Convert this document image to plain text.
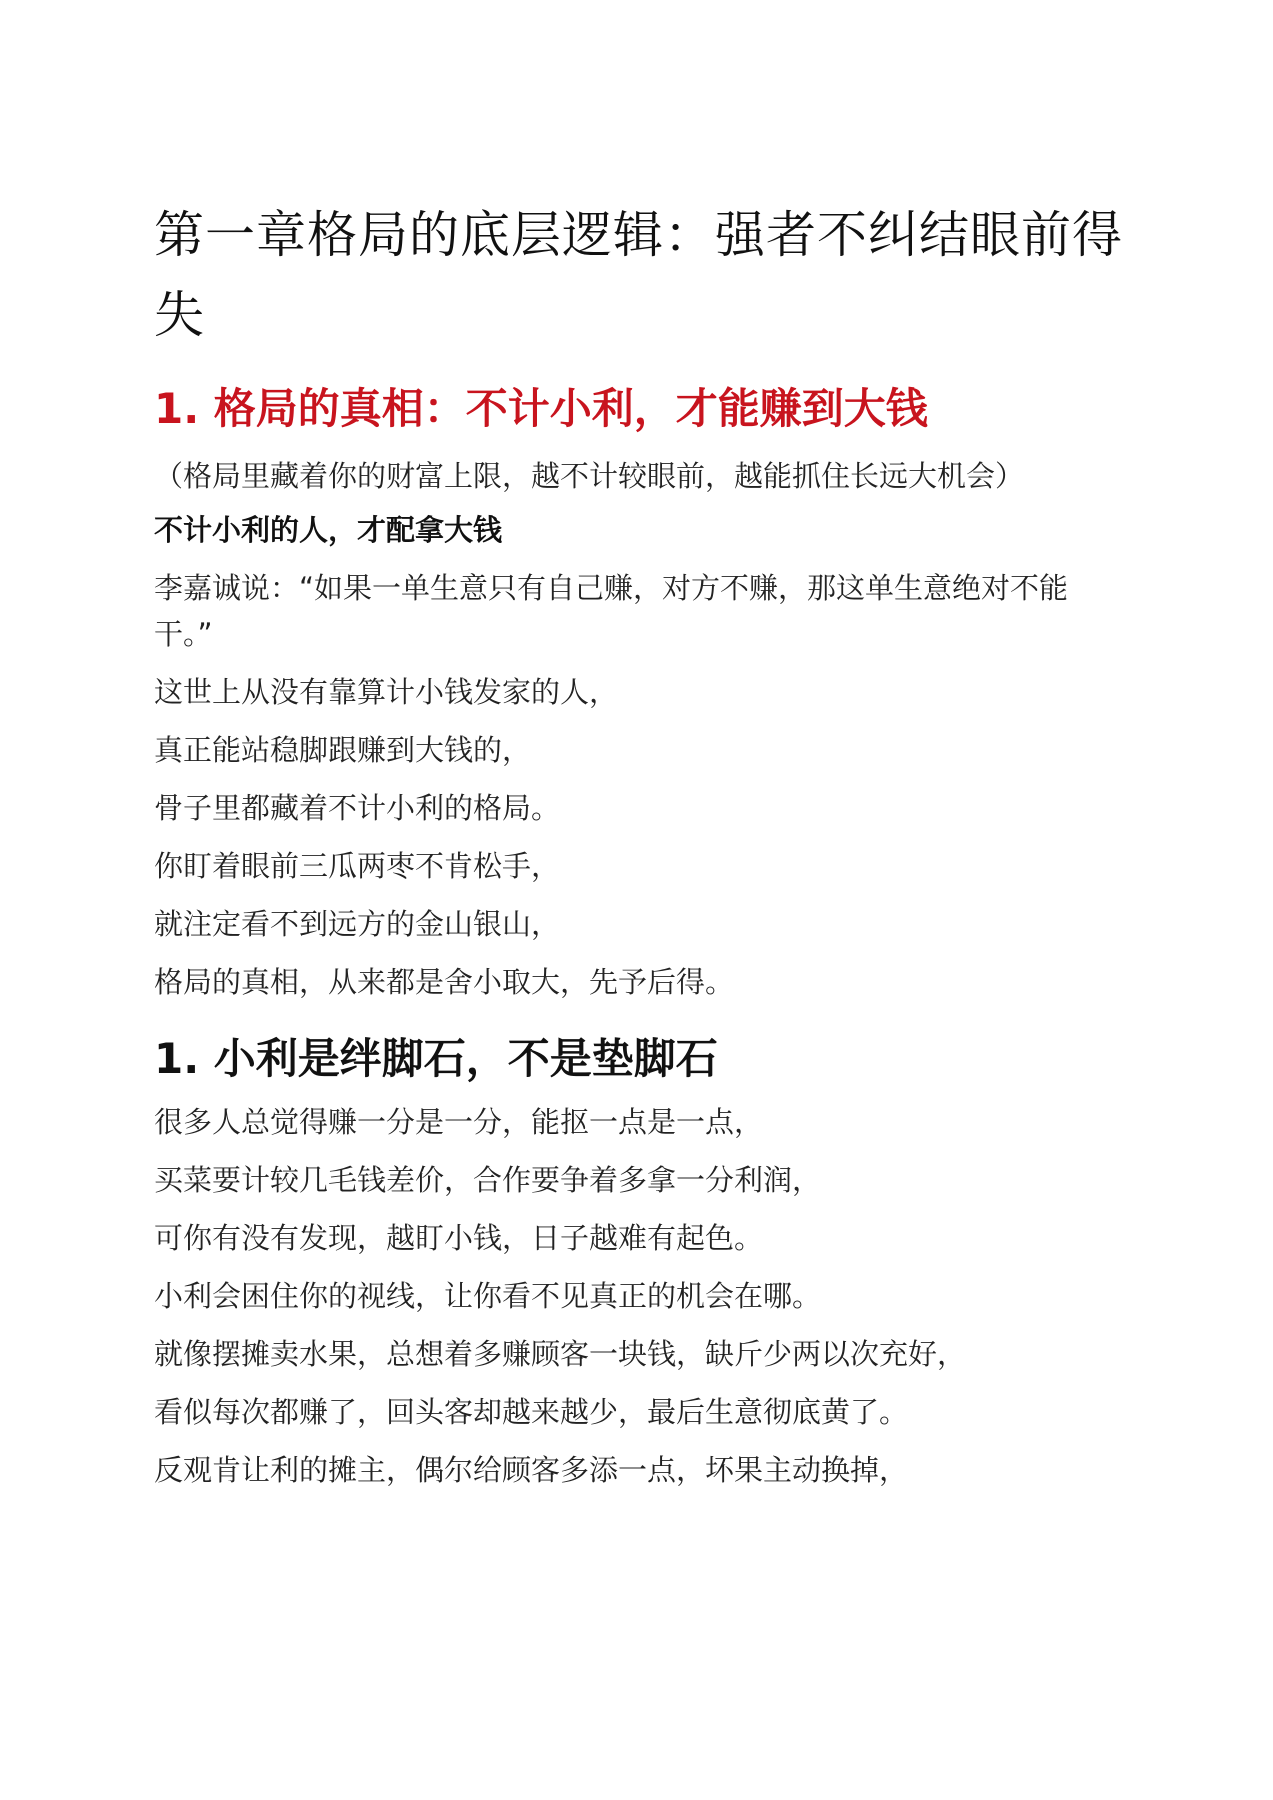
第一章格局的底层逻辑：强者不纠结眼前得失
1. 格局的真相：不计小利，才能赚到大钱

（格局里藏着你的财富上限，越不计较眼前，越能抓住长远大机会）

不计小利的人，才配拿大钱

李嘉诚说：“如果一单生意只有自己赚，对方不赚，那这单生意绝对不能干。”

这世上从没有靠算计小钱发家的人，

真正能站稳脚跟赚到大钱的，

骨子里都藏着不计小利的格局。

你盯着眼前三瓜两枣不肯松手，

就注定看不到远方的金山银山，

格局的真相，从来都是舍小取大，先予后得。

1. 小利是绊脚石，不是垫脚石

很多人总觉得赚一分是一分，能抠一点是一点，

买菜要计较几毛钱差价，合作要争着多拿一分利润，

可你有没有发现，越盯小钱，日子越难有起色。

小利会困住你的视线，让你看不见真正的机会在哪。

就像摆摊卖水果，总想着多赚顾客一块钱，缺斤少两以次充好，

看似每次都赚了，回头客却越来越少，最后生意彻底黄了。

反观肯让利的摊主，偶尔给顾客多添一点，坏果主动换掉，
